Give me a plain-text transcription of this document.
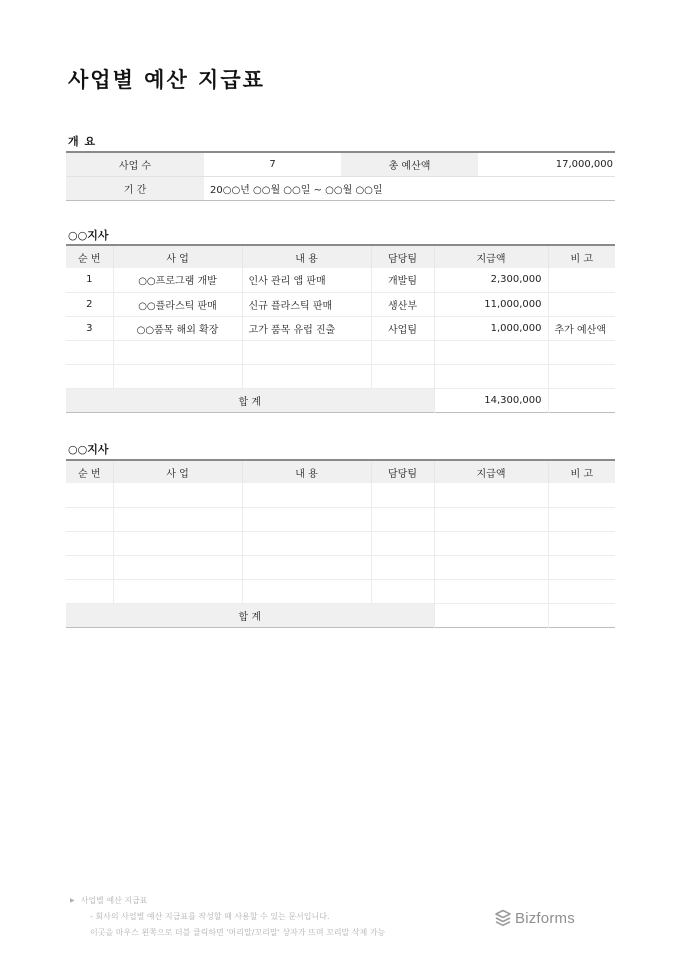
사업별 예산 지급표
개 요
사업 수	7	총 예산액	17,000,000
기 간	20○○년 ○○월 ○○일 ~ ○○월 ○○일		
○○지사
순 번	사 업	내 용	담당팀	지급액	비 고
1	○○프로그램 개발	인사 관리 앱 판매	개발팀	2,300,000	
2	○○플라스틱 판매	신규 플라스틱 판매	생산부	11,000,000	
3	○○품목 해외 확장	고가 품목 유럽 진출	사업팀	1,000,000	추가 예산액

합 계				14,300,000	
○○지사
순 번	사 업	내 용	담당팀	지급액	비 고

합 계					
▶ 사업별 예산 지급표
- 회사의 사업별 예산 지급표를 작성할 때 사용할 수 있는 문서입니다.
이곳을 마우스 왼쪽으로 더블 클릭하면 '머리말/꼬리말' 상자가 뜨며 꼬리말 삭제 가능
Bizforms
